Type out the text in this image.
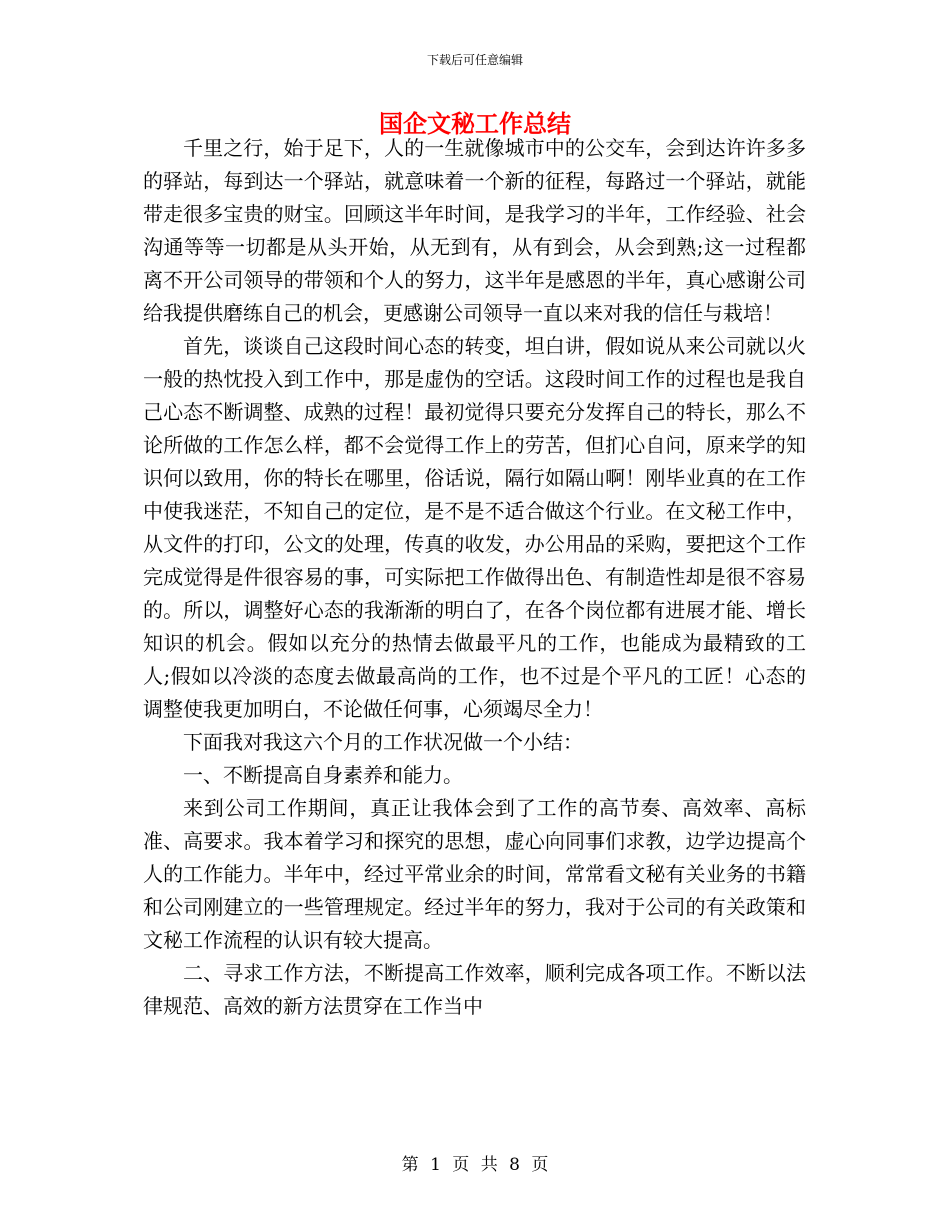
下载后可任意编辑
国企文秘工作总结

千里之行，始于足下，人的一生就像城市中的公交车，会到达许许多多的驿站，每到达一个驿站，就意味着一个新的征程，每路过一个驿站，就能带走很多宝贵的财宝。回顾这半年时间，是我学习的半年，工作经验、社会沟通等等一切都是从头开始，从无到有，从有到会，从会到熟;这一过程都离不开公司领导的带领和个人的努力，这半年是感恩的半年，真心感谢公司给我提供磨练自己的机会，更感谢公司领导一直以来对我的信任与栽培！

首先，谈谈自己这段时间心态的转变，坦白讲，假如说从来公司就以火一般的热忱投入到工作中，那是虚伪的空话。这段时间工作的过程也是我自己心态不断调整、成熟的过程！最初觉得只要充分发挥自己的特长，那么不论所做的工作怎么样，都不会觉得工作上的劳苦，但扪心自问，原来学的知识何以致用，你的特长在哪里，俗话说，隔行如隔山啊！刚毕业真的在工作中使我迷茫，不知自己的定位，是不是不适合做这个行业。在文秘工作中，从文件的打印，公文的处理，传真的收发，办公用品的采购，要把这个工作完成觉得是件很容易的事，可实际把工作做得出色、有制造性却是很不容易的。所以，调整好心态的我渐渐的明白了，在各个岗位都有进展才能、增长知识的机会。假如以充分的热情去做最平凡的工作，也能成为最精致的工人;假如以冷淡的态度去做最高尚的工作，也不过是个平凡的工匠！心态的调整使我更加明白，不论做任何事，心须竭尽全力！

下面我对我这六个月的工作状况做一个小结：

一、不断提高自身素养和能力。

来到公司工作期间，真正让我体会到了工作的高节奏、高效率、高标准、高要求。我本着学习和探究的思想，虚心向同事们求教，边学边提高个人的工作能力。半年中，经过平常业余的时间，常常看文秘有关业务的书籍和公司刚建立的一些管理规定。经过半年的努力，我对于公司的有关政策和文秘工作流程的认识有较大提高。

二、寻求工作方法，不断提高工作效率，顺利完成各项工作。不断以法律规范、高效的新方法贯穿在工作当中

第 1 页 共 8 页
